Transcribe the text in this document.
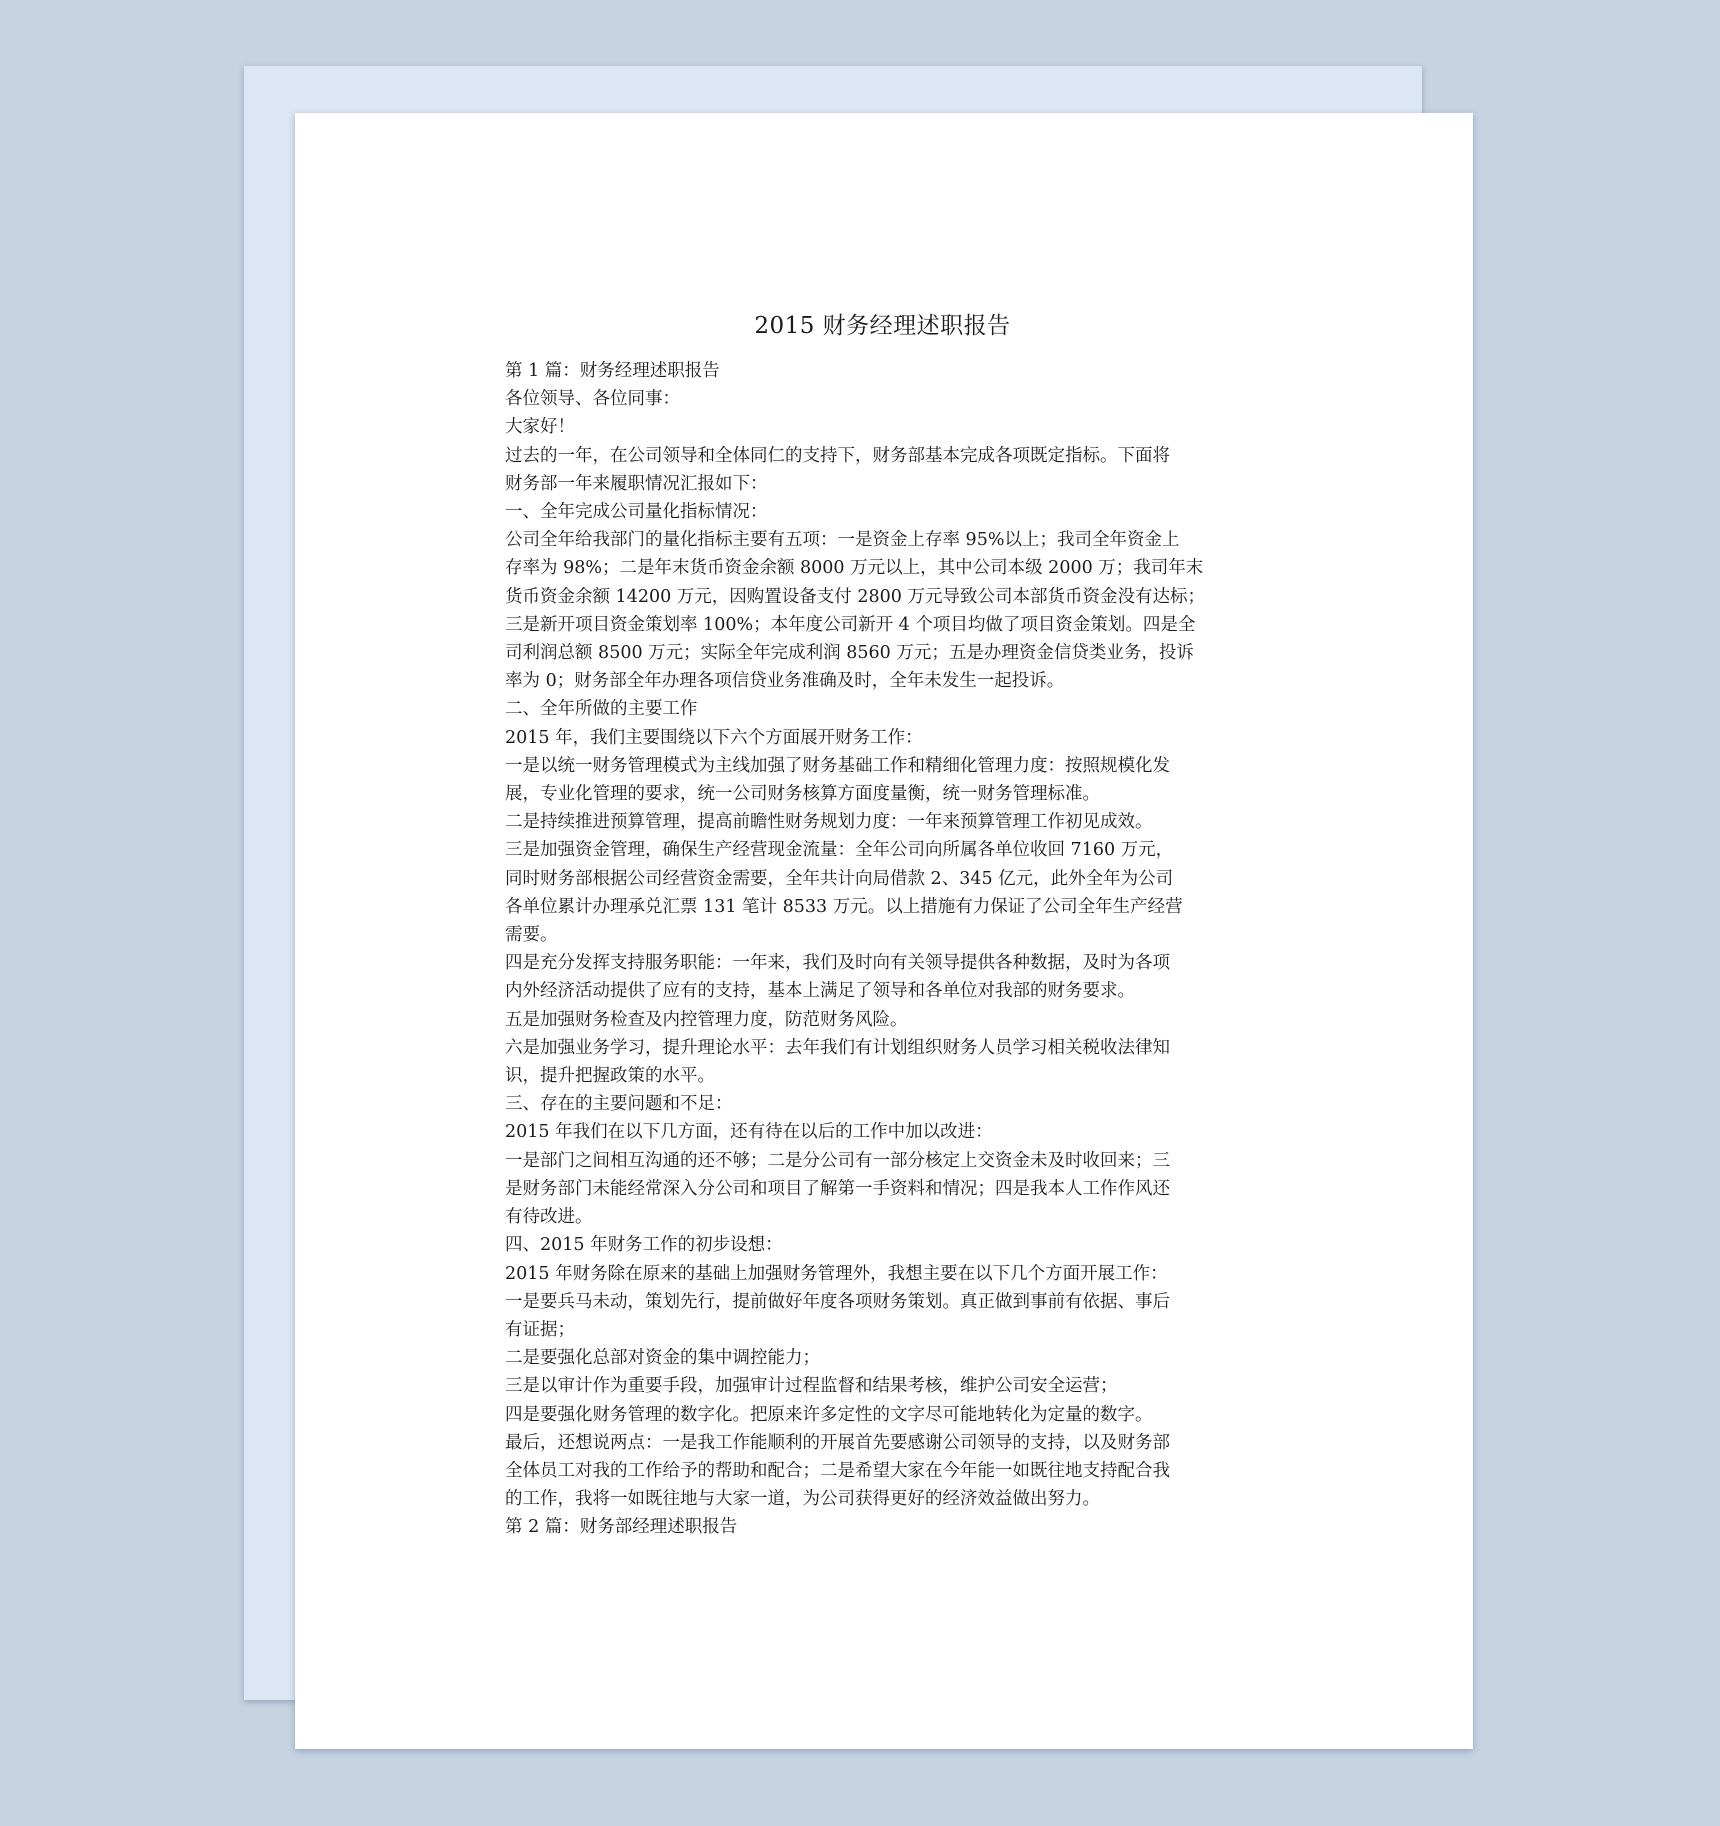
2015 财务经理述职报告

第 1 篇：财务经理述职报告

各位领导、各位同事：

大家好！

过去的一年，在公司领导和全体同仁的支持下，财务部基本完成各项既定指标。下面将

财务部一年来履职情况汇报如下：

一、全年完成公司量化指标情况：

公司全年给我部门的量化指标主要有五项：一是资金上存率 95%以上；我司全年资金上

存率为 98%；二是年末货币资金余额 8000 万元以上，其中公司本级 2000 万；我司年末

货币资金余额 14200 万元，因购置设备支付 2800 万元导致公司本部货币资金没有达标；

三是新开项目资金策划率 100%；本年度公司新开 4 个项目均做了项目资金策划。四是全

司利润总额 8500 万元；实际全年完成利润 8560 万元；五是办理资金信贷类业务，投诉

率为 0；财务部全年办理各项信贷业务准确及时，全年未发生一起投诉。

二、全年所做的主要工作

2015 年，我们主要围绕以下六个方面展开财务工作：

一是以统一财务管理模式为主线加强了财务基础工作和精细化管理力度：按照规模化发

展，专业化管理的要求，统一公司财务核算方面度量衡，统一财务管理标准。

二是持续推进预算管理，提高前瞻性财务规划力度：一年来预算管理工作初见成效。

三是加强资金管理，确保生产经营现金流量：全年公司向所属各单位收回 7160 万元，

同时财务部根据公司经营资金需要，全年共计向局借款 2、345 亿元，此外全年为公司

各单位累计办理承兑汇票 131 笔计 8533 万元。以上措施有力保证了公司全年生产经营

需要。

四是充分发挥支持服务职能：一年来，我们及时向有关领导提供各种数据，及时为各项

内外经济活动提供了应有的支持，基本上满足了领导和各单位对我部的财务要求。

五是加强财务检查及内控管理力度，防范财务风险。

六是加强业务学习，提升理论水平：去年我们有计划组织财务人员学习相关税收法律知

识，提升把握政策的水平。

三、存在的主要问题和不足：

2015 年我们在以下几方面，还有待在以后的工作中加以改进：

一是部门之间相互沟通的还不够；二是分公司有一部分核定上交资金未及时收回来；三

是财务部门未能经常深入分公司和项目了解第一手资料和情况；四是我本人工作作风还

有待改进。

四、2015 年财务工作的初步设想：

2015 年财务除在原来的基础上加强财务管理外，我想主要在以下几个方面开展工作：

一是要兵马未动，策划先行，提前做好年度各项财务策划。真正做到事前有依据、事后

有证据；

二是要强化总部对资金的集中调控能力；

三是以审计作为重要手段，加强审计过程监督和结果考核，维护公司安全运营；

四是要强化财务管理的数字化。把原来许多定性的文字尽可能地转化为定量的数字。

最后，还想说两点：一是我工作能顺利的开展首先要感谢公司领导的支持，以及财务部

全体员工对我的工作给予的帮助和配合；二是希望大家在今年能一如既往地支持配合我

的工作，我将一如既往地与大家一道，为公司获得更好的经济效益做出努力。

第 2 篇：财务部经理述职报告
